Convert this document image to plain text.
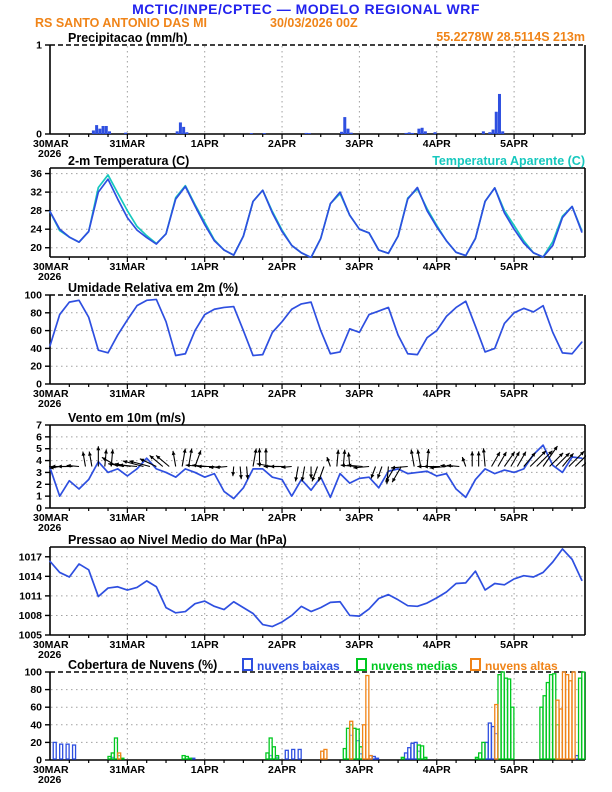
MCTIC/INPE/CPTEC — MODELO REGIONAL WRF
RS SANTO ANTONIO DAS MI	30/03/2026 00Z
55.2278W 28.5114S 213m
0
1
30MAR	31MAR	1APR	2APR	3APR	4APR	5APR
2026
20
24
28
32
36
30MAR	31MAR	1APR	2APR	3APR	4APR	5APR
2026
0
20
40
60
80
100
30MAR	31MAR	1APR	2APR	3APR	4APR	5APR
2026
0
1
2
3
4
5
6
7
30MAR	31MAR	1APR	2APR	3APR	4APR	5APR
2026
1005
1008
1011
1014
1017
30MAR	31MAR	1APR	2APR	3APR	4APR	5APR
2026
0
20
40
60
80
100
30MAR	31MAR	1APR	2APR	3APR	4APR	5APR
2026
Precipitacao (mm/h)
2-m Temperatura (C)	Temperatura Aparente (C)
Umidade Relativa em 2m (%)
Vento em 10m (m/s)
Pressao ao Nivel Medio do Mar (hPa)
Cobertura de Nuvens (%)	nuvens baixas	nuvens medias	nuvens altas
